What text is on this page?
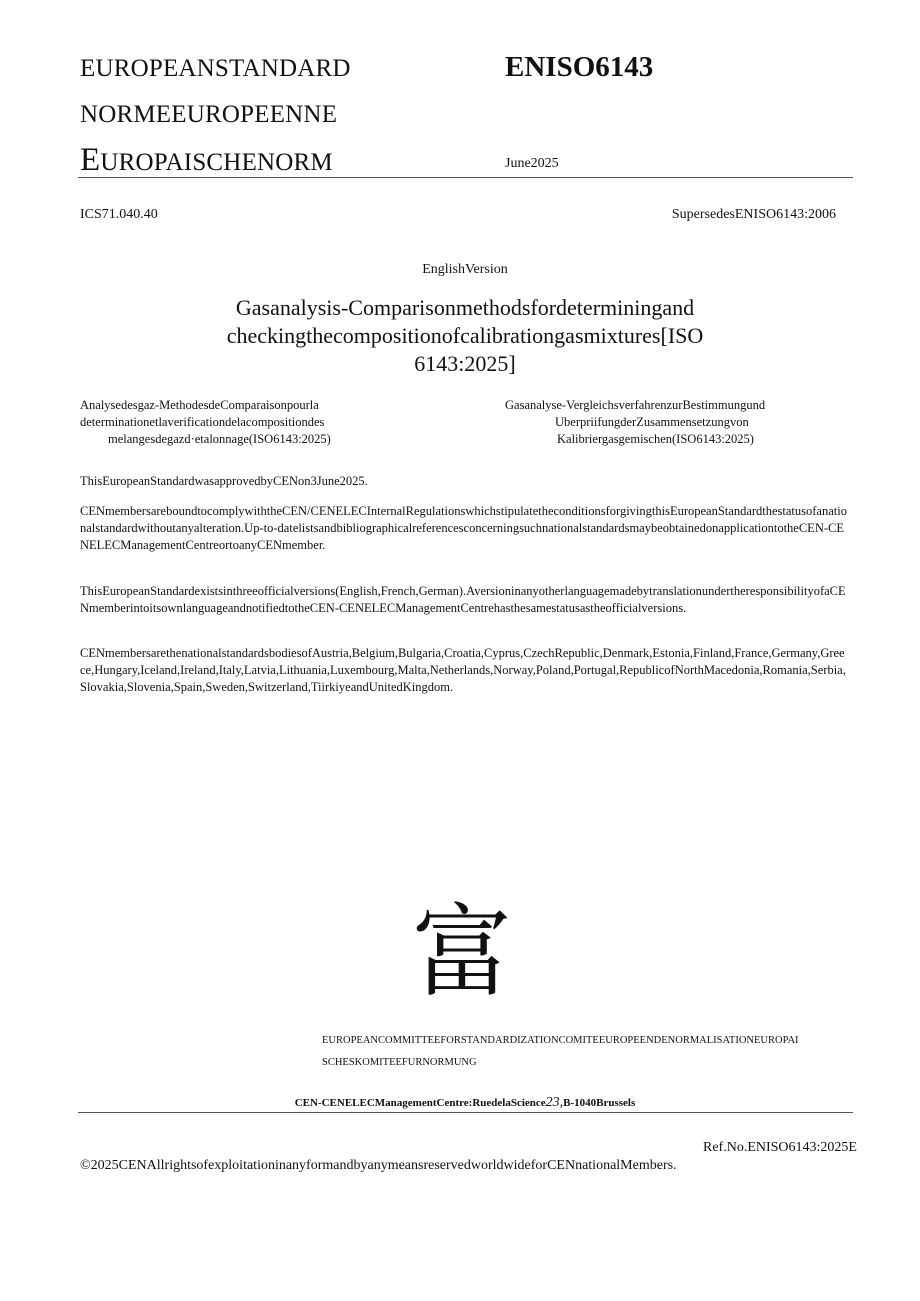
EUROPEANSTANDARD	ENISO6143
NORMEEUROPEENNE
EUROPAISCHENORM	June2025
ICS71.040.40	SupersedesENISO6143:2006
EnglishVersion
Gasanalysis-Comparisonmethodsfordeterminingand
checkingthecompositionofcalibrationgasmixtures[ISO
6143:2025]
Analysedesgaz-MethodesdeComparaisonpourla
determinationetlaverificationdelacompositiondes
melangesdegazd·etalonnage(ISO6143:2025)
Gasanalyse-VergleichsverfahrenzurBestimmungund
UberpriifungderZusammensetzungvon
Kalibriergasgemischen(ISO6143:2025)
ThisEuropeanStandardwasapprovedbyCENon3June2025.
CENmembersareboundtocomplywiththeCEN/CENELECInternalRegulationswhichstipulatetheconditionsforgivingthisEuropeanStandardthestatusofanationalstandardwithoutanyalteration.Up-to-datelistsandbibliographicalreferencesconcerningsuchnationalstandardsmaybeobtainedonapplicationtotheCEN-CENELECManagementCentreortoanyCENmember.
ThisEuropeanStandardexistsinthreeofficialversions(English,French,German).AversioninanyotherlanguagemadebytranslationundertheresponsibilityofaCENmemberintoitsownlanguageandnotifiedtotheCEN-CENELECManagementCentrehasthesamestatusastheofficialversions.
CENmembersarethenationalstandardsbodiesofAustria,Belgium,Bulgaria,Croatia,Cyprus,CzechRepublic,Denmark,Estonia,Finland,France,Germany,Greece,Hungary,Iceland,Ireland,Italy,Latvia,Lithuania,Luxembourg,Malta,Netherlands,Norway,Poland,Portugal,RepublicofNorthMacedonia,Romania,Serbia,Slovakia,Slovenia,Spain,Sweden,Switzerland,TiirkiyeandUnitedKingdom.
富
EUROPEANCOMMITTEEFORSTANDARDIZATIONCOMITEEUROPEENDENORMALISATIONEUROPAI
SCHESKOMITEEFURNORMUNG
CEN-CENELECManagementCentre:RuedelaScience23,B-1040Brussels
Ref.No.ENISO6143:2025E
©2025CENAllrightsofexploitationinanyformandbyanymeansreservedworldwideforCENnationalMembers.
